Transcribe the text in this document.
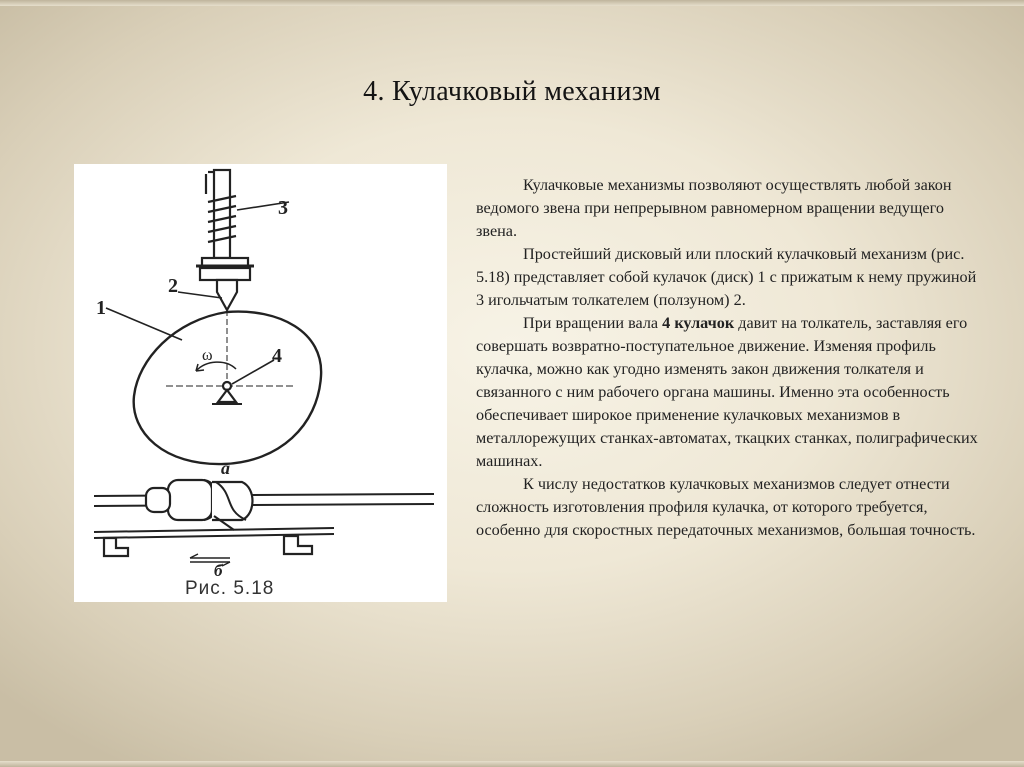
4. Кулачковый механизм
3
2
1
4
ω
а
б
Рис. 5.18

Кулачковые механизмы позволяют осуществлять любой закон ведомого звена при непрерывном равномерном вращении ведущего звена.

Простейший дисковый или плоский кулачковый механизм (рис. 5.18) представляет собой кулачок (диск) 1 с прижатым к нему пружиной 3 игольчатым толкателем (ползуном) 2.

При вращении вала 4 кулачок давит на толкатель, заставляя его совершать возвратно-поступательное движение. Изменяя профиль кулачка, можно как угодно изменять закон движения толкателя и связанного с ним рабочего органа машины. Именно эта особенность обеспечивает широкое применение кулачковых механизмов в металлорежущих станках-автоматах, ткацких станках, полиграфических машинах.

К числу недостатков кулачковых механизмов следует отнести сложность изготовления профиля кулачка, от которого требуется, особенно для скоростных передаточных механизмов, большая точность.
